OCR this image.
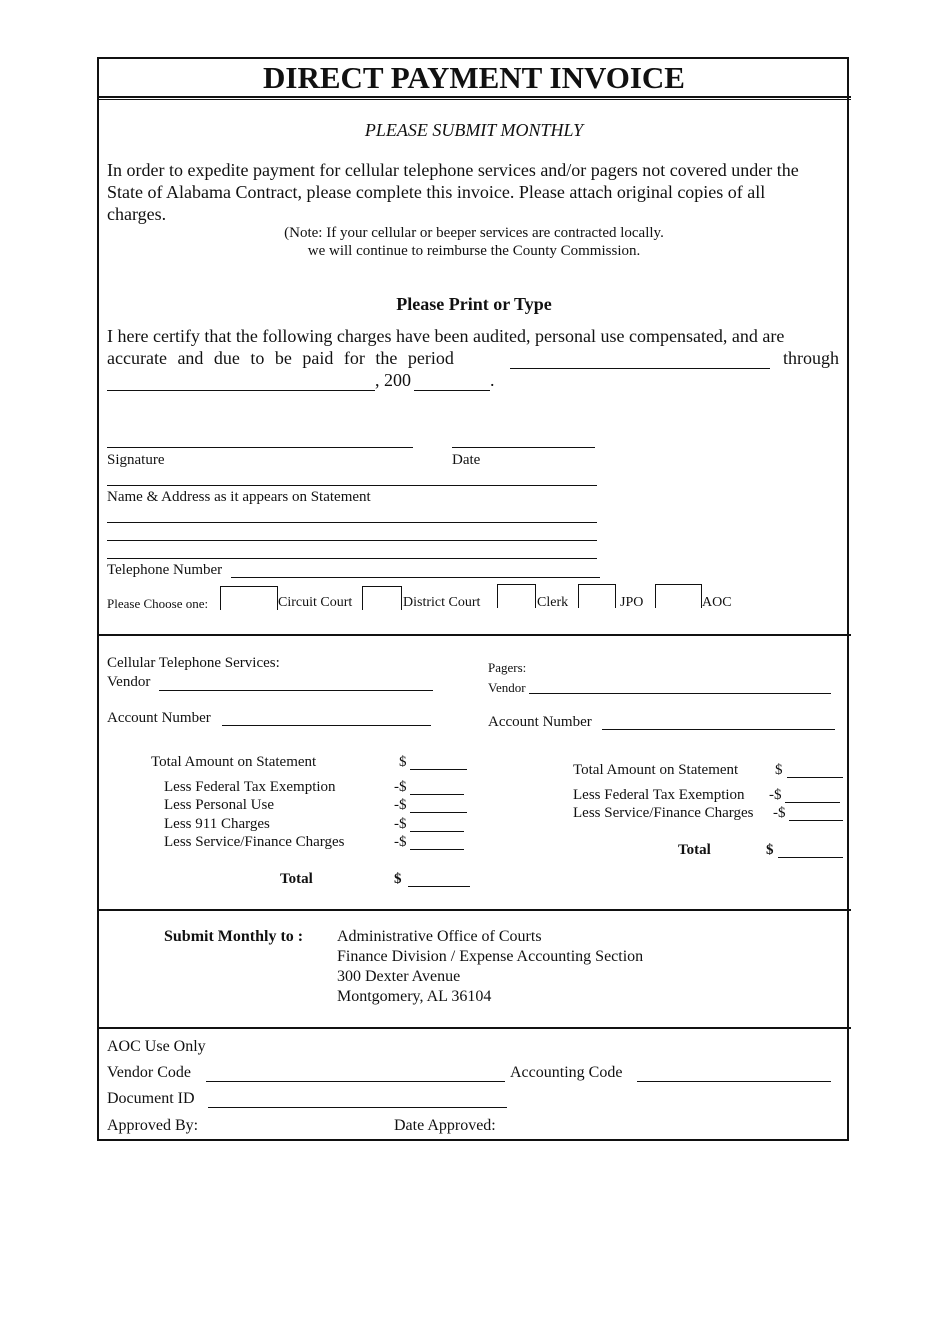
DIRECT PAYMENT INVOICE
PLEASE SUBMIT MONTHLY
In order to expedite payment for cellular telephone services and/or pagers not covered under the
State of Alabama Contract, please complete this invoice. Please attach original copies of all
charges.
(Note: If your cellular or beeper services are contracted locally.
we will continue to reimburse the County Commission.
Please Print or Type
I here certify that the following charges have been audited, personal use compensated, and are
accurate and due to be paid for the period	through
, 200	.
Signature	Date
Name & Address as it appears on Statement
Telephone Number
Please Choose one:	Circuit Court	District Court	Clerk	JPO	AOC
Cellular Telephone Services:
Vendor
Account Number
Total Amount on Statement	$
Less Federal Tax Exemption	-$
Less Personal Use	-$
Less 911 Charges	-$
Less Service/Finance Charges	-$
Total	$
Pagers:
Vendor
Account Number
Total Amount on Statement $
Less Federal Tax Exemption -$
Less Service/Finance Charges -$
Total	$
Submit Monthly to : Administrative Office of Courts
Finance Division / Expense Accounting Section
300 Dexter Avenue
Montgomery, AL 36104
AOC Use Only
Vendor Code	Accounting Code
Document ID
Approved By:	Date Approved:
